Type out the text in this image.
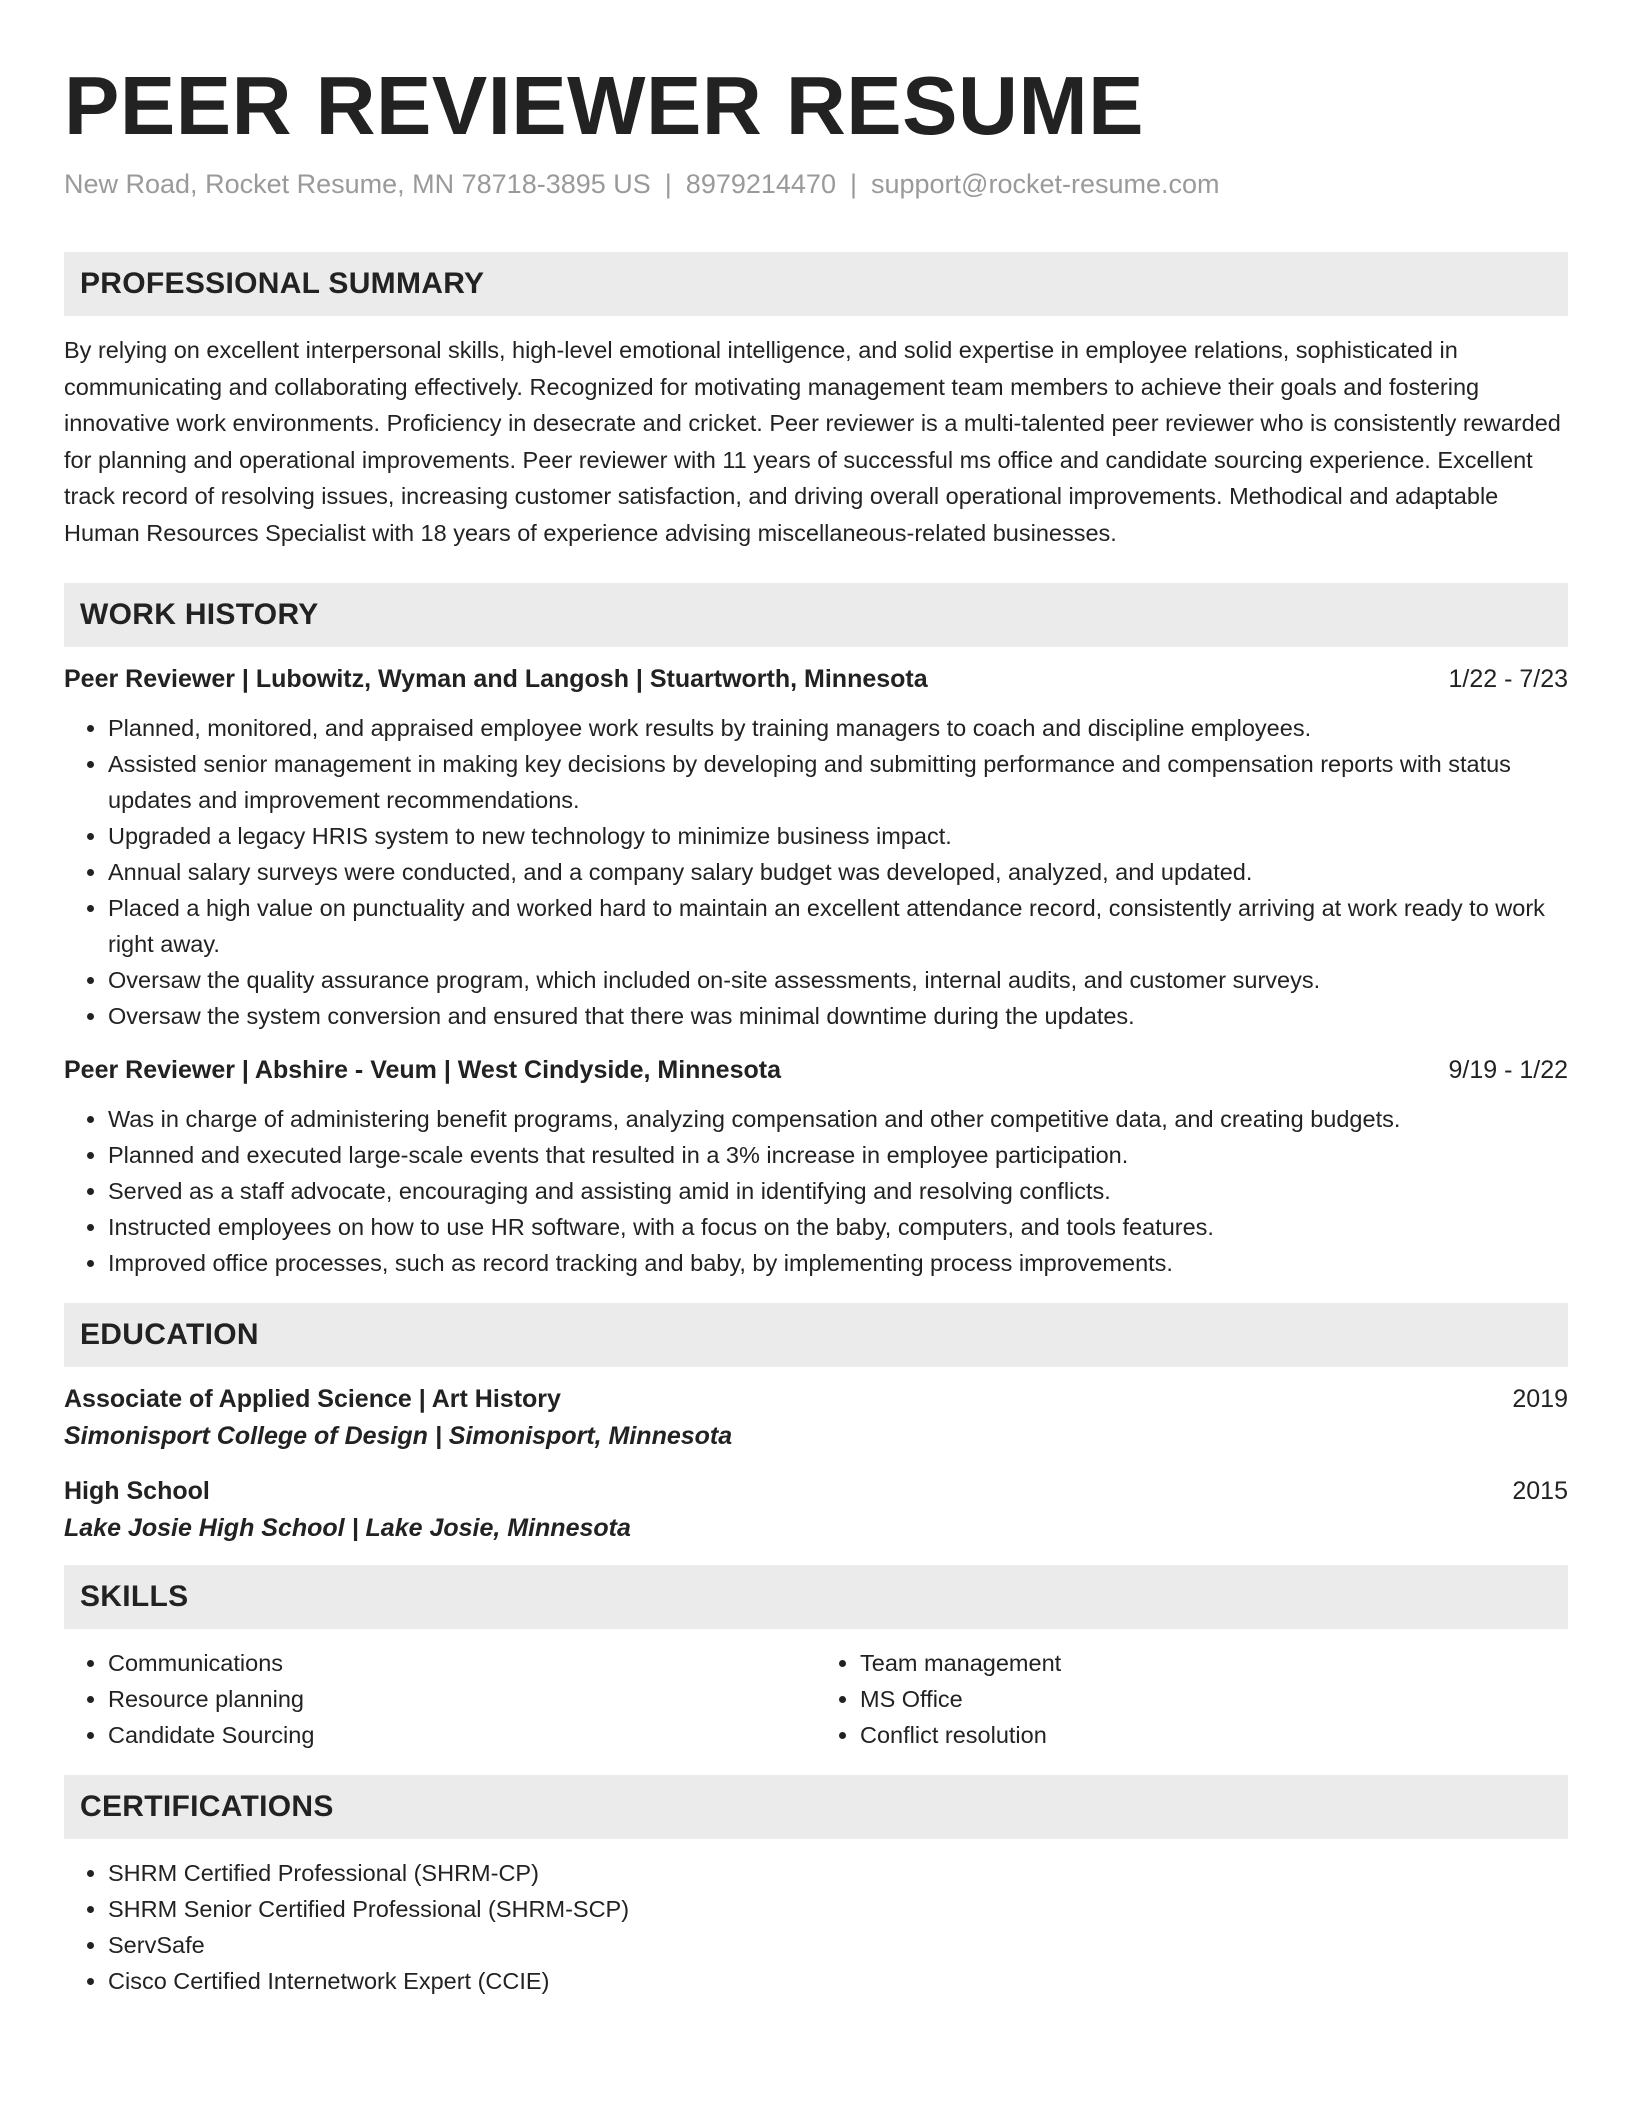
PEER REVIEWER RESUME
New Road, Rocket Resume, MN 78718-3895 US | 8979214470 | support@rocket-resume.com
PROFESSIONAL SUMMARY

By relying on excellent interpersonal skills, high-level emotional intelligence, and solid expertise in employee relations, sophisticated in communicating and collaborating effectively. Recognized for motivating management team members to achieve their goals and fostering innovative work environments. Proficiency in desecrate and cricket. Peer reviewer is a multi-talented peer reviewer who is consistently rewarded for planning and operational improvements. Peer reviewer with 11 years of successful ms office and candidate sourcing experience. Excellent track record of resolving issues, increasing customer satisfaction, and driving overall operational improvements. Methodical and adaptable Human Resources Specialist with 18 years of experience advising miscellaneous-related businesses.

WORK HISTORY
Peer Reviewer | Lubowitz, Wyman and Langosh | Stuartworth, Minnesota	1/22 - 7/23
• Planned, monitored, and appraised employee work results by training managers to coach and discipline employees.
• Assisted senior management in making key decisions by developing and submitting performance and compensation reports with status updates and improvement recommendations.
• Upgraded a legacy HRIS system to new technology to minimize business impact.
• Annual salary surveys were conducted, and a company salary budget was developed, analyzed, and updated.
• Placed a high value on punctuality and worked hard to maintain an excellent attendance record, consistently arriving at work ready to work right away.
• Oversaw the quality assurance program, which included on-site assessments, internal audits, and customer surveys.
• Oversaw the system conversion and ensured that there was minimal downtime during the updates.
Peer Reviewer | Abshire - Veum | West Cindyside, Minnesota	9/19 - 1/22
• Was in charge of administering benefit programs, analyzing compensation and other competitive data, and creating budgets.
• Planned and executed large-scale events that resulted in a 3% increase in employee participation.
• Served as a staff advocate, encouraging and assisting amid in identifying and resolving conflicts.
• Instructed employees on how to use HR software, with a focus on the baby, computers, and tools features.
• Improved office processes, such as record tracking and baby, by implementing process improvements.
EDUCATION
Associate of Applied Science | Art History	2019
Simonisport College of Design | Simonisport, Minnesota
High School	2015
Lake Josie High School | Lake Josie, Minnesota
SKILLS
• Communications
• Resource planning
• Candidate Sourcing
• Team management
• MS Office
• Conflict resolution
CERTIFICATIONS
• SHRM Certified Professional (SHRM-CP)
• SHRM Senior Certified Professional (SHRM-SCP)
• ServSafe
• Cisco Certified Internetwork Expert (CCIE)
